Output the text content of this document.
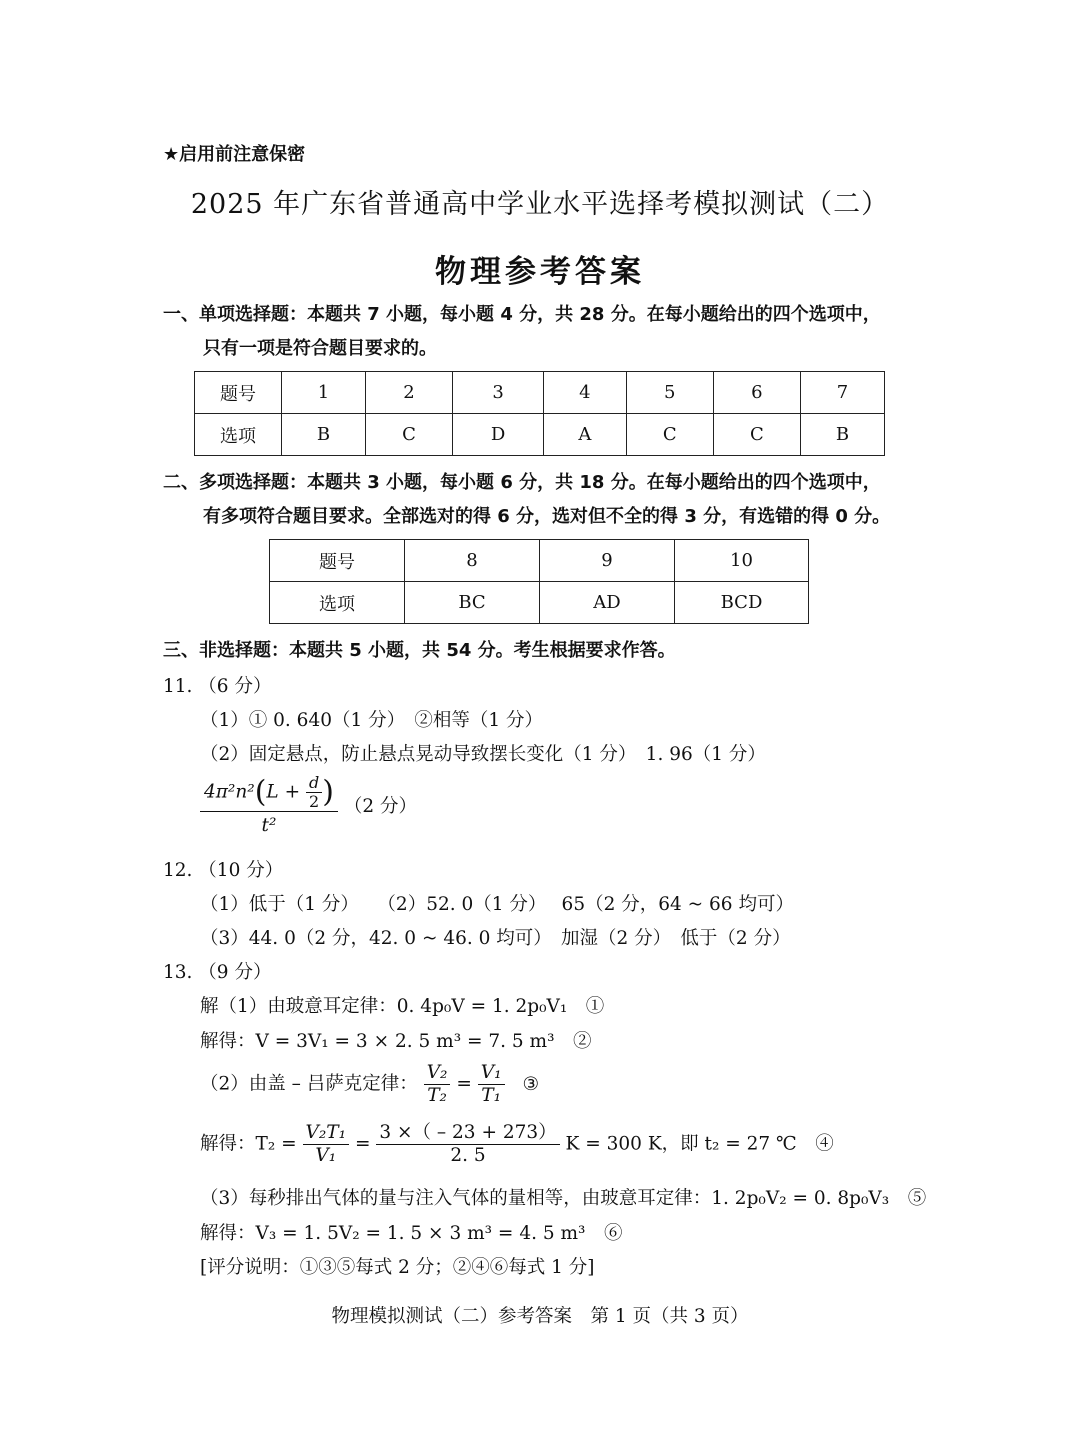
★启用前注意保密
2025 年广东省普通高中学业水平选择考模拟测试（二）
物理参考答案
一、单项选择题：本题共 7 小题，每小题 4 分，共 28 分。在每小题给出的四个选项中，
只有一项是符合题目要求的。
题号	1	2	3	4	5	6	7
选项	B	C	D	A	C	C	B
二、多项选择题：本题共 3 小题，每小题 6 分，共 18 分。在每小题给出的四个选项中，
有多项符合题目要求。全部选对的得 6 分，选对但不全的得 3 分，有选错的得 0 分。
题号	8	9	10
选项	BC	AD	BCD
三、非选择题：本题共 5 小题，共 54 分。考生根据要求作答。
11. （6 分）
（1）① 0. 640（1 分）　②相等（1 分）
（2）固定悬点，防止悬点晃动导致摆长变化（1 分）　1. 96（1 分）
$\frac{4\pi^2n^2(L + \frac{d}{2} )}{\text{t²}} (2$ 分）
12. （10 分）
（1）低于（1 分）　　（2）52. 0（1 分）　 65（2 分，64 ~ 66 均可）
（3）44. 0（2 分，42. 0 ~ 46. 0 均可）　加湿（2 分）　低于（2 分）
13. （9 分）
解（1）由玻意耳定律：0. 4p₀V = 1. 2p₀V₁　①
解得：V = 3V₁ = 3 × 2. 5 m³ = 7. 5 m³　②
（2）由盖 – 吕萨克定律： $\frac{\text{V₂}}{\text{T₂}} = \frac{\text{V₁}}{\text{T₁}}$ ③
解得：$T_2 = \frac{\text{V₂T₁}}{\text{V₁}} = \frac{3 \times( - 23 + 273)}{2. 5}$ K = 300 K，即 t₂ = 27 ℃　④
（3）每秒排出气体的量与注入气体的量相等，由玻意耳定律：1. 2p₀V₂ = 0. 8p₀V₃　⑤
解得：V₃ = 1. 5V₂ = 1. 5 × 3 m³ = 4. 5 m³　⑥
[评分说明：①③⑤每式 2 分；②④⑥每式 1 分]
物理模拟测试（二）参考答案　第 1 页（共 3 页）
